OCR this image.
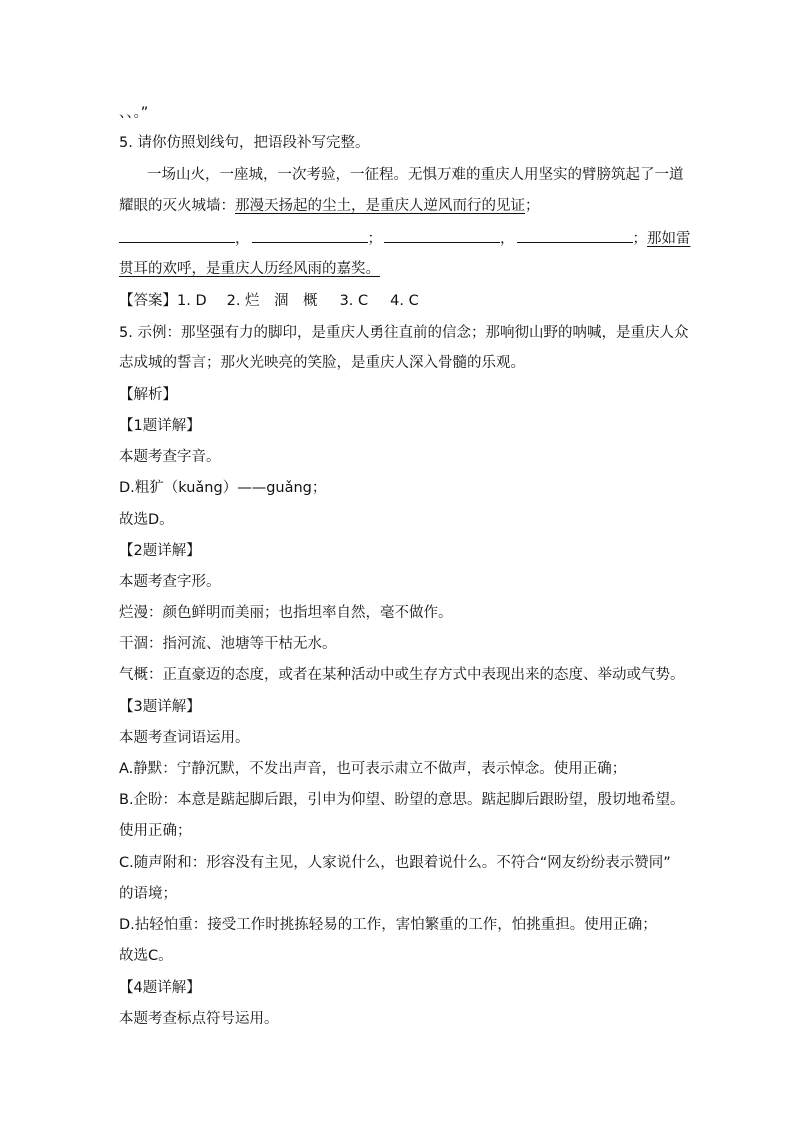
、、。”
5. 请你仿照划线句，把语段补写完整。
一场山火，一座城，一次考验，一征程。无惧万难的重庆人用坚实的臂膀筑起了一道
耀眼的灭火城墙：那漫天扬起的尘土，是重庆人逆风而行的见证；
，	；	，	；那如雷
贯耳的欢呼，是重庆人历经风雨的嘉奖。
【答案】1. D 2. 烂　涸　概 3. C 4. C
5. 示例：那坚强有力的脚印，是重庆人勇往直前的信念；那响彻山野的呐喊，是重庆人众
志成城的誓言；那火光映亮的笑脸，是重庆人深入骨髓的乐观。
【解析】
【1题详解】
本题考查字音。
D.粗犷（kuǎng）——guǎng；
故选D。
【2题详解】
本题考查字形。
烂漫：颜色鲜明而美丽；也指坦率自然，毫不做作。
干涸：指河流、池塘等干枯无水。
气概：正直豪迈的态度，或者在某种活动中或生存方式中表现出来的态度、举动或气势。
【3题详解】
本题考查词语运用。
A.静默：宁静沉默，不发出声音，也可表示肃立不做声，表示悼念。使用正确；
B.企盼：本意是踮起脚后跟，引申为仰望、盼望的意思。踮起脚后跟盼望，殷切地希望。
使用正确；
C.随声附和：形容没有主见，人家说什么，也跟着说什么。不符合“网友纷纷表示赞同”
的语境；
D.拈轻怕重：接受工作时挑拣轻易的工作，害怕繁重的工作，怕挑重担。使用正确；
故选C。
【4题详解】
本题考查标点符号运用。
